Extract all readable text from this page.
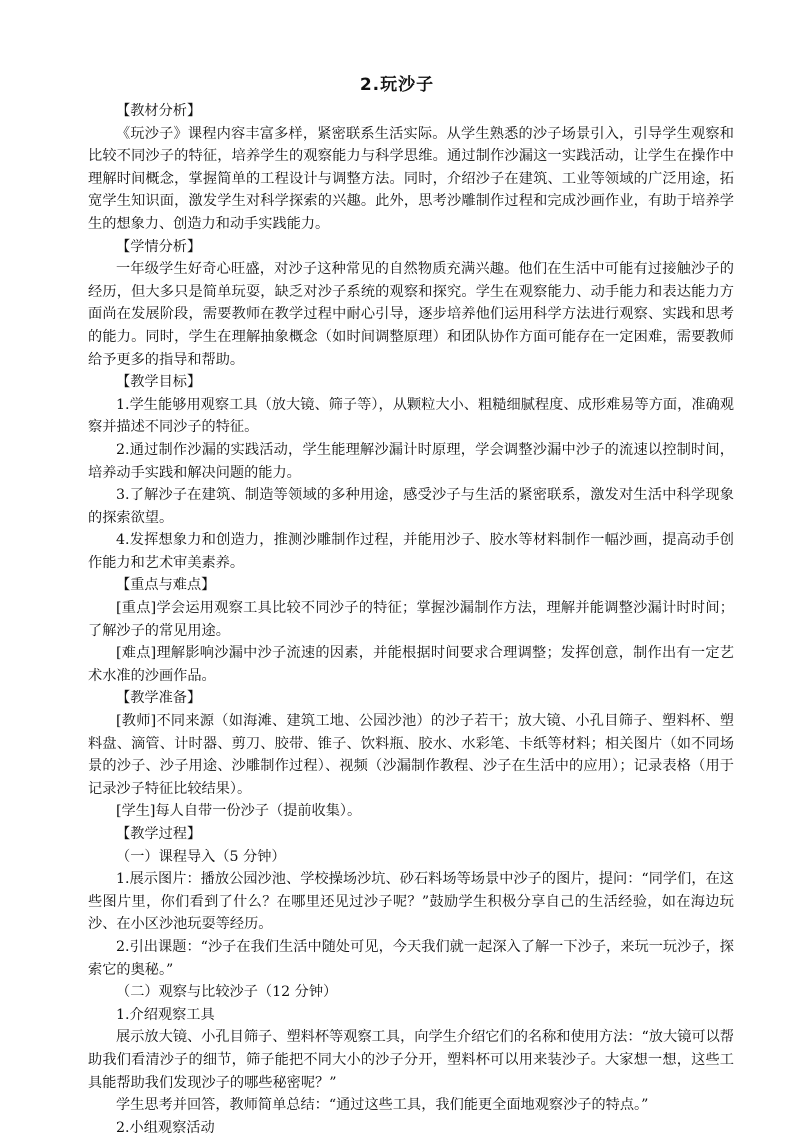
2.玩沙子

【教材分析】

《玩沙子》课程内容丰富多样，紧密联系生活实际。从学生熟悉的沙子场景引入，引导学生观察和比较不同沙子的特征，培养学生的观察能力与科学思维。通过制作沙漏这一实践活动，让学生在操作中理解时间概念，掌握简单的工程设计与调整方法。同时，介绍沙子在建筑、工业等领域的广泛用途，拓宽学生知识面，激发学生对科学探索的兴趣。此外，思考沙雕制作过程和完成沙画作业，有助于培养学生的想象力、创造力和动手实践能力。

【学情分析】

一年级学生好奇心旺盛，对沙子这种常见的自然物质充满兴趣。他们在生活中可能有过接触沙子的经历，但大多只是简单玩耍，缺乏对沙子系统的观察和探究。学生在观察能力、动手能力和表达能力方面尚在发展阶段，需要教师在教学过程中耐心引导，逐步培养他们运用科学方法进行观察、实践和思考的能力。同时，学生在理解抽象概念（如时间调整原理）和团队协作方面可能存在一定困难，需要教师给予更多的指导和帮助。

【教学目标】

1.学生能够用观察工具（放大镜、筛子等），从颗粒大小、粗糙细腻程度、成形难易等方面，准确观察并描述不同沙子的特征。

2.通过制作沙漏的实践活动，学生能理解沙漏计时原理，学会调整沙漏中沙子的流速以控制时间，培养动手实践和解决问题的能力。

3.了解沙子在建筑、制造等领域的多种用途，感受沙子与生活的紧密联系，激发对生活中科学现象的探索欲望。

4.发挥想象力和创造力，推测沙雕制作过程，并能用沙子、胶水等材料制作一幅沙画，提高动手创作能力和艺术审美素养。

【重点与难点】

[重点]学会运用观察工具比较不同沙子的特征；掌握沙漏制作方法，理解并能调整沙漏计时时间；了解沙子的常见用途。

[难点]理解影响沙漏中沙子流速的因素，并能根据时间要求合理调整；发挥创意，制作出有一定艺术水准的沙画作品。

【教学准备】

[教师]不同来源（如海滩、建筑工地、公园沙池）的沙子若干；放大镜、小孔目筛子、塑料杯、塑料盘、滴管、计时器、剪刀、胶带、锥子、饮料瓶、胶水、水彩笔、卡纸等材料；相关图片（如不同场景的沙子、沙子用途、沙雕制作过程）、视频（沙漏制作教程、沙子在生活中的应用）；记录表格（用于记录沙子特征比较结果）。

[学生]每人自带一份沙子（提前收集）。

【教学过程】

（一）课程导入（5 分钟）

1.展示图片：播放公园沙池、学校操场沙坑、砂石料场等场景中沙子的图片，提问：“同学们，在这些图片里，你们看到了什么？在哪里还见过沙子呢？”鼓励学生积极分享自己的生活经验，如在海边玩沙、在小区沙池玩耍等经历。

2.引出课题：“沙子在我们生活中随处可见，今天我们就一起深入了解一下沙子，来玩一玩沙子，探索它的奥秘。”

（二）观察与比较沙子（12 分钟）

1.介绍观察工具

展示放大镜、小孔目筛子、塑料杯等观察工具，向学生介绍它们的名称和使用方法：“放大镜可以帮助我们看清沙子的细节，筛子能把不同大小的沙子分开，塑料杯可以用来装沙子。大家想一想，这些工具能帮助我们发现沙子的哪些秘密呢？”

学生思考并回答，教师简单总结：“通过这些工具，我们能更全面地观察沙子的特点。”

2.小组观察活动
